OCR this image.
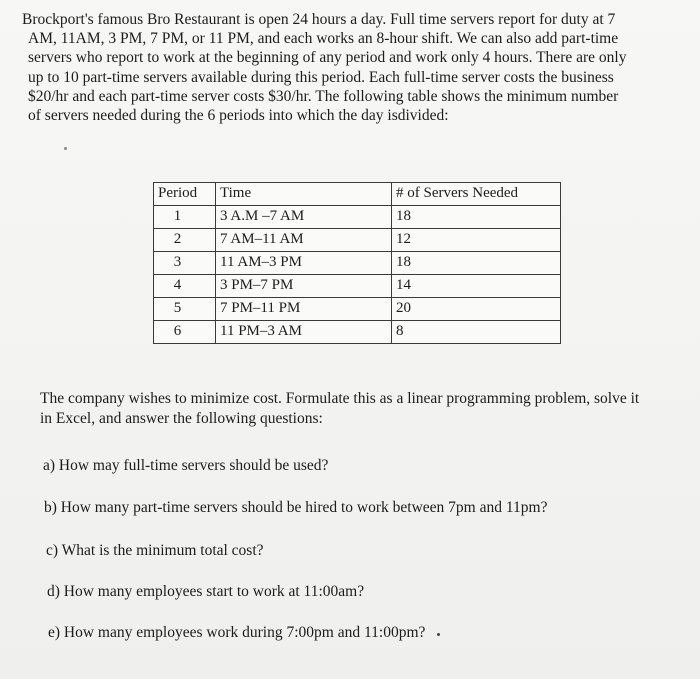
Brockport's famous Bro Restaurant is open 24 hours a day. Full time servers report for duty at 7
AM, 11AM, 3 PM, 7 PM, or 11 PM, and each works an 8-hour shift. We can also add part-time
servers who report to work at the beginning of any period and work only 4 hours. There are only
up to 10 part-time servers available during this period. Each full-time server costs the business
$20/hr and each part-time server costs $30/hr. The following table shows the minimum number
of servers needed during the 6 periods into which the day isdivided:
Period	Time	# of Servers Needed
1	3 A.M –7 AM	18
2	7 AM–11 AM	12
3	11 AM–3 PM	18
4	3 PM–7 PM	14
5	7 PM–11 PM	20
6	11 PM–3 AM	8
The company wishes to minimize cost. Formulate this as a linear programming problem, solve it
in Excel, and answer the following questions:

a) How may full-time servers should be used?

b) How many part-time servers should be hired to work between 7pm and 11pm?

c) What is the minimum total cost?

d) How many employees start to work at 11:00am?

e) How many employees work during 7:00pm and 11:00pm?
